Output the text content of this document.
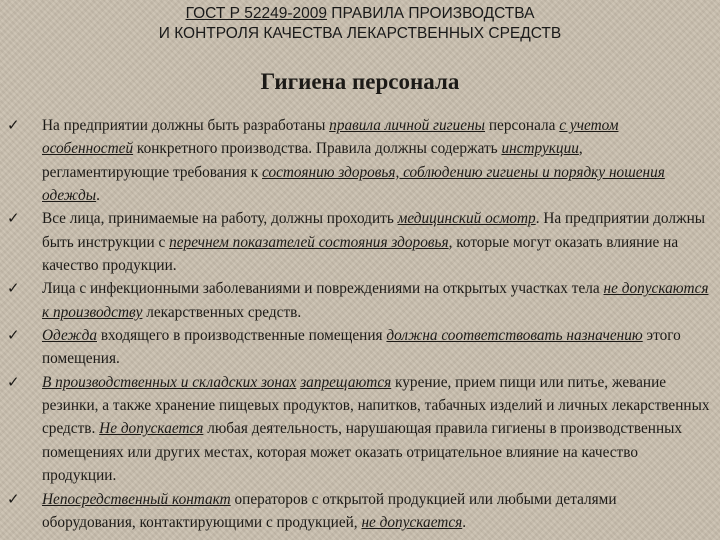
ГОСТ Р 52249-2009 ПРАВИЛА ПРОИЗВОДСТВА
И КОНТРОЛЯ КАЧЕСТВА ЛЕКАРСТВЕННЫХ СРЕДСТВ
Гигиена персонала
✓ На предприятии должны быть разработаны правила личной гигиены персонала с учетом особенностей конкретного производства. Правила должны содержать инструкции, регламентирующие требования к состоянию здоровья, соблюдению гигиены и порядку ношения одежды.
✓ Все лица, принимаемые на работу, должны проходить медицинский осмотр. На предприятии должны быть инструкции с перечнем показателей состояния здоровья, которые могут оказать влияние на качество продукции.
✓ Лица с инфекционными заболеваниями и повреждениями на открытых участках тела не допускаются к производству лекарственных средств.
✓ Одежда входящего в производственные помещения должна соответствовать назначению этого помещения.
✓ В производственных и складских зонах запрещаются курение, прием пищи или питье, жевание резинки, а также хранение пищевых продуктов, напитков, табачных изделий и личных лекарственных средств. Не допускается любая деятельность, нарушающая правила гигиены в производственных помещениях или других местах, которая может оказать отрицательное влияние на качество продукции.
✓ Непосредственный контакт операторов с открытой продукцией или любыми деталями оборудования, контактирующими с продукцией, не допускается.
